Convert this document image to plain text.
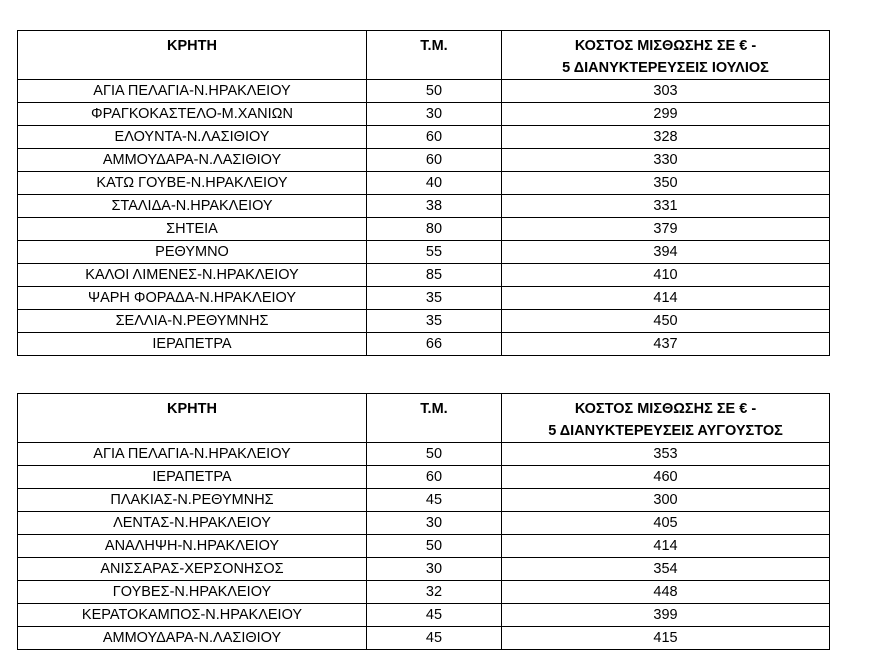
ΚΡΗΤΗ	Τ.Μ.	ΚΟΣΤΟΣ ΜΙΣΘΩΣΗΣ ΣΕ € -
5 ΔΙΑΝΥΚΤΕΡΕΥΣΕΙΣ ΙΟΥΛΙΟΣ

ΑΓΙΑ ΠΕΛΑΓΙΑ-Ν.ΗΡΑΚΛΕΙΟΥ	50	303
ΦΡΑΓΚΟΚΑΣΤΕΛΟ-Μ.ΧΑΝΙΩΝ	30	299
ΕΛΟΥΝΤΑ-Ν.ΛΑΣΙΘΙΟΥ	60	328
ΑΜΜΟΥΔΑΡΑ-Ν.ΛΑΣΙΘΙΟΥ	60	330
ΚΑΤΩ ΓΟΥΒΕ-Ν.ΗΡΑΚΛΕΙΟΥ	40	350
ΣΤΑΛΙΔΑ-Ν.ΗΡΑΚΛΕΙΟΥ	38	331
ΣΗΤΕΙΑ	80	379
ΡΕΘΥΜΝΟ	55	394
ΚΑΛΟΙ ΛΙΜΕΝΕΣ-Ν.ΗΡΑΚΛΕΙΟΥ	85	410
ΨΑΡΗ ΦΟΡΑΔΑ-Ν.ΗΡΑΚΛΕΙΟΥ	35	414
ΣΕΛΛΙΑ-Ν.ΡΕΘΥΜΝΗΣ	35	450
ΙΕΡΑΠΕΤΡΑ	66	437
ΚΡΗΤΗ	Τ.Μ.	ΚΟΣΤΟΣ ΜΙΣΘΩΣΗΣ ΣΕ € -
5 ΔΙΑΝΥΚΤΕΡΕΥΣΕΙΣ ΑΥΓΟΥΣΤΟΣ

ΑΓΙΑ ΠΕΛΑΓΙΑ-Ν.ΗΡΑΚΛΕΙΟΥ	50	353
ΙΕΡΑΠΕΤΡΑ	60	460
ΠΛΑΚΙΑΣ-Ν.ΡΕΘΥΜΝΗΣ	45	300
ΛΕΝΤΑΣ-Ν.ΗΡΑΚΛΕΙΟΥ	30	405
ΑΝΑΛΗΨΗ-Ν.ΗΡΑΚΛΕΙΟΥ	50	414
ΑΝΙΣΣΑΡΑΣ-ΧΕΡΣΟΝΗΣΟΣ	30	354
ΓΟΥΒΕΣ-Ν.ΗΡΑΚΛΕΙΟΥ	32	448
ΚΕΡΑΤΟΚΑΜΠΟΣ-Ν.ΗΡΑΚΛΕΙΟΥ	45	399
ΑΜΜΟΥΔΑΡΑ-Ν.ΛΑΣΙΘΙΟΥ	45	415
